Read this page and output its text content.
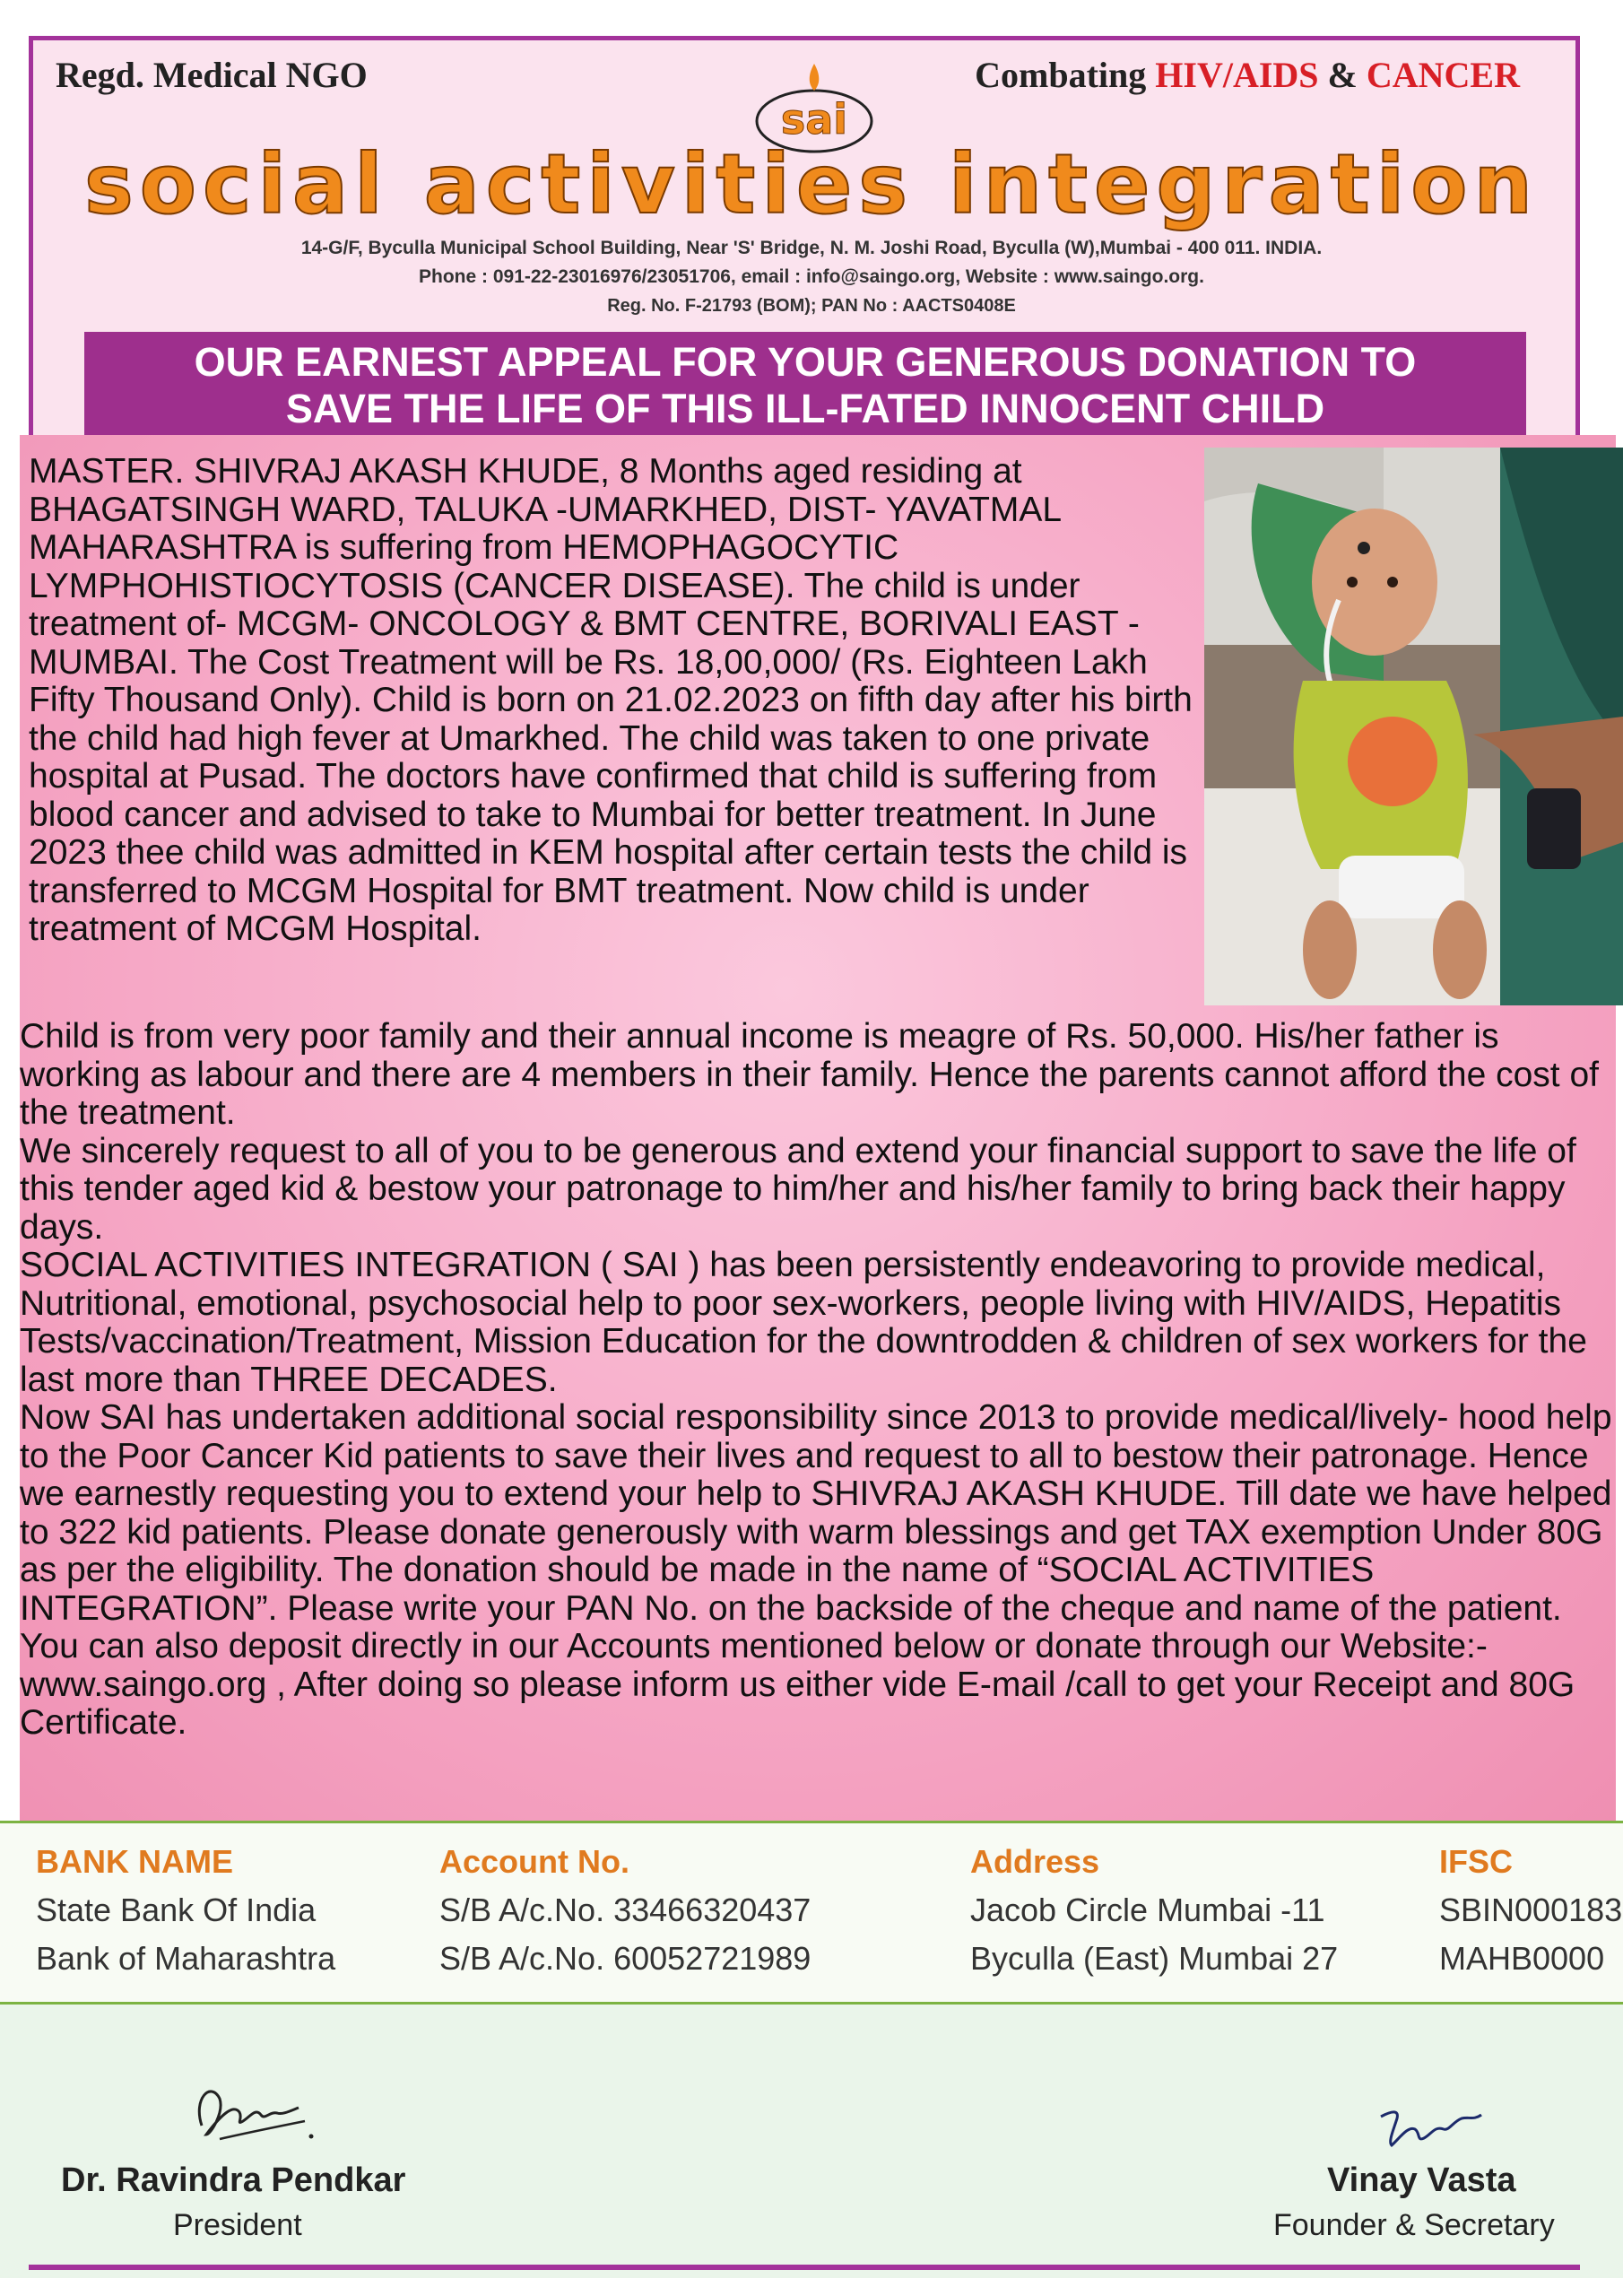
Regd. Medical NGO
sai
Combating HIV/AIDS & CANCER
social activities integration
14-G/F, Byculla Municipal School Building, Near 'S' Bridge, N. M. Joshi Road, Byculla (W),Mumbai - 400 011. INDIA.
Phone : 091-22-23016976/23051706, email : info@saingo.org, Website : www.saingo.org.
Reg. No. F-21793 (BOM); PAN No : AACTS0408E
OUR EARNEST APPEAL FOR YOUR GENEROUS DONATION TO
SAVE THE LIFE OF THIS ILL-FATED INNOCENT CHILD
MASTER. SHIVRAJ AKASH KHUDE, 8 Months aged residing at BHAGATSINGH WARD, TALUKA -UMARKHED, DIST- YAVATMAL MAHARASHTRA is suffering from HEMOPHAGOCYTIC LYMPHOHISTIOCYTOSIS (CANCER DISEASE). The child is under treatment of- MCGM- ONCOLOGY & BMT CENTRE, BORIVALI EAST - MUMBAI. The Cost Treatment will be Rs. 18,00,000/ (Rs. Eighteen Lakh Fifty Thousand Only). Child is born on 21.02.2023 on fifth day after his birth the child had high fever at Umarkhed. The child was taken to one private hospital at Pusad. The doctors have confirmed that child is suffering from blood cancer and advised to take to Mumbai for better treatment. In June 2023 thee child was admitted in KEM hospital after certain tests the child is transferred to MCGM Hospital for BMT treatment. Now child is under treatment of MCGM Hospital.

Child is from very poor family and their annual income is meagre of Rs. 50,000. His/her father is working as labour and there are 4 members in their family. Hence the parents cannot afford the cost of the treatment.

We sincerely request to all of you to be generous and extend your financial support to save the life of this tender aged kid & bestow your patronage to him/her and his/her family to bring back their happy days.

SOCIAL ACTIVITIES INTEGRATION ( SAI ) has been persistently endeavoring to provide medical, Nutritional, emotional, psychosocial help to poor sex-workers, people living with HIV/AIDS, Hepatitis Tests/vaccination/Treatment, Mission Education for the downtrodden & children of sex workers for the last more than THREE DECADES.

Now SAI has undertaken additional social responsibility since 2013 to provide medical/lively- hood help to the Poor Cancer Kid patients to save their lives and request to all to bestow their patronage. Hence we earnestly requesting you to extend your help to SHIVRAJ AKASH KHUDE. Till date we have helped to 322 kid patients. Please donate generously with warm blessings and get TAX exemption Under 80G as per the eligibility. The donation should be made in the name of “SOCIAL ACTIVITIES INTEGRATION”. Please write your PAN No. on the backside of the cheque and name of the patient. You can also deposit directly in our Accounts mentioned below or donate through our Website:- www.saingo.org , After doing so please inform us either vide E-mail /call to get your Receipt and 80G Certificate.

BANK NAME
State Bank Of India
Bank of Maharashtra
Account No.
S/B A/c.No. 33466320437
S/B A/c.No. 60052721989
Address
Jacob Circle Mumbai -11
Byculla (East) Mumbai 27
IFSC
SBIN000183
MAHB0000
Dr. Ravindra Pendkar
President
Vinay Vasta
Founder & Secretary
